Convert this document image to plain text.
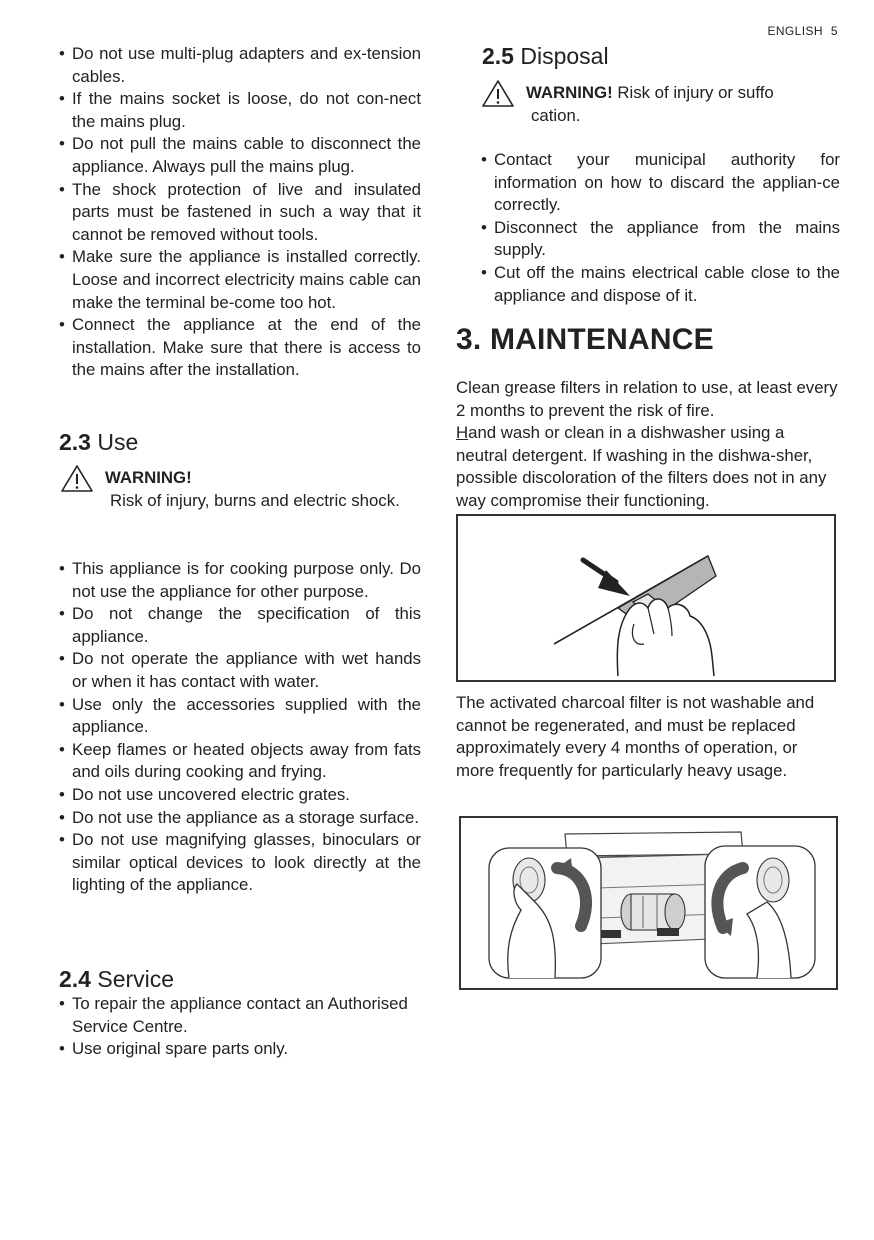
ENGLISH 5
• Do not use multi-plug adapters and ex-tension cables.
• If the mains socket is loose, do not con-nect the mains plug.
• Do not pull the mains cable to disconnect the appliance. Always pull the mains plug.
• The shock protection of live and insulated parts must be fastened in such a way that it cannot be removed without tools.
• Make sure the appliance is installed correctly. Loose and incorrect electricity mains cable can make the terminal be-come too hot.
• Connect the appliance at the end of the installation. Make sure that there is access to the mains after the installation.
2.3 Use
WARNING!
Risk of injury, burns and electric shock.
• This appliance is for cooking purpose only. Do not use the appliance for other purpose.
• Do not change the specification of this appliance.
• Do not operate the appliance with wet hands or when it has contact with water.
• Use only the accessories supplied with the appliance.
• Keep flames or heated objects away from fats and oils during cooking and frying.
• Do not use uncovered electric grates.
• Do not use the appliance as a storage surface.
• Do not use magnifying glasses, binoculars or similar optical devices to look directly at the lighting of the appliance.
2.4 Service
• To repair the appliance contact an Authorised Service Centre.
• Use original spare parts only.
2.5 Disposal
WARNING! Risk of injury or suffo
cation.
• Contact your municipal authority for information on how to discard the applian-ce correctly.
• Disconnect the appliance from the mains supply.
• Cut off the mains electrical cable close to the appliance and dispose of it.
3. MAINTENANCE
Clean grease filters in relation to use, at least every 2 months to prevent the risk of fire.
Hand wash or clean in a dishwasher using a neutral detergent. If washing in the dishwa-sher, possible discoloration of the filters does not in any way compromise their functioning.
The activated charcoal filter is not washable and cannot be regenerated, and must be replaced approximately every 4 months of operation, or more frequently for particularly heavy usage.
